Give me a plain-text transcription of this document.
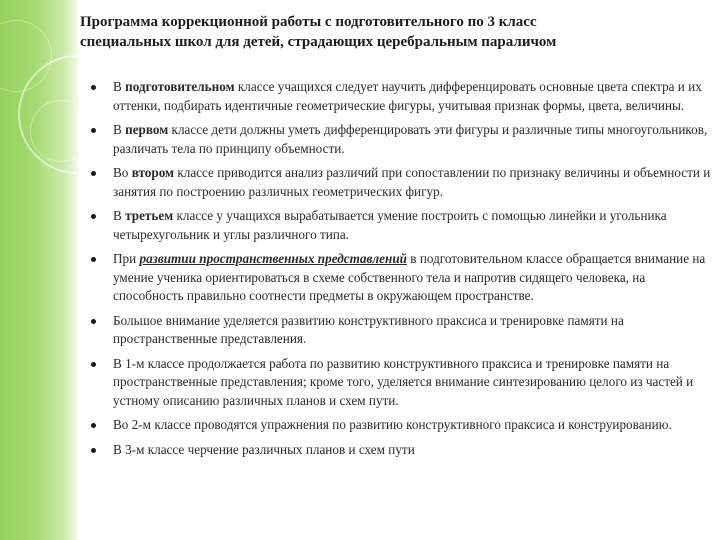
Программа коррекционной работы с подготовительного по 3 класс
специальных школ для детей, страдающих церебральным параличом
В подготовительном классе учащихся следует научить дифференцировать основные цвета спектра и их оттенки, подбирать идентичные геометрические фигуры, учитывая признак формы, цвета, величины.
В первом классе дети должны уметь дифференцировать эти фигуры и различные типы многоугольников, различать тела по принципу объемности.
Во втором классе приводится анализ различий при сопоставлении по признаку величины и объемности и занятия по построению различных геометрических фигур.
В третьем классе у учащихся вырабатывается умение построить с помощью линейки и угольника четырехугольник и углы различного типа.
При развитии пространственных представлений в подготовительном классе обращается внимание на умение ученика ориентироваться в схеме собственного тела и напротив сидящего человека, на способность правильно соотнести предметы в окружающем пространстве.
Большое внимание уделяется развитию конструктивного праксиса и тренировке памяти на пространственные представления.
В 1-м классе продолжается работа по развитию конструктивного праксиса и тренировке памяти на пространственные представления; кроме того, уделяется внимание синтезированию целого из частей и устному описанию различных планов и схем пути.
Во 2-м классе проводятся упражнения по развитию конструктивного праксиса и конструированию.
В 3-м классе черчение различных планов и схем пути
